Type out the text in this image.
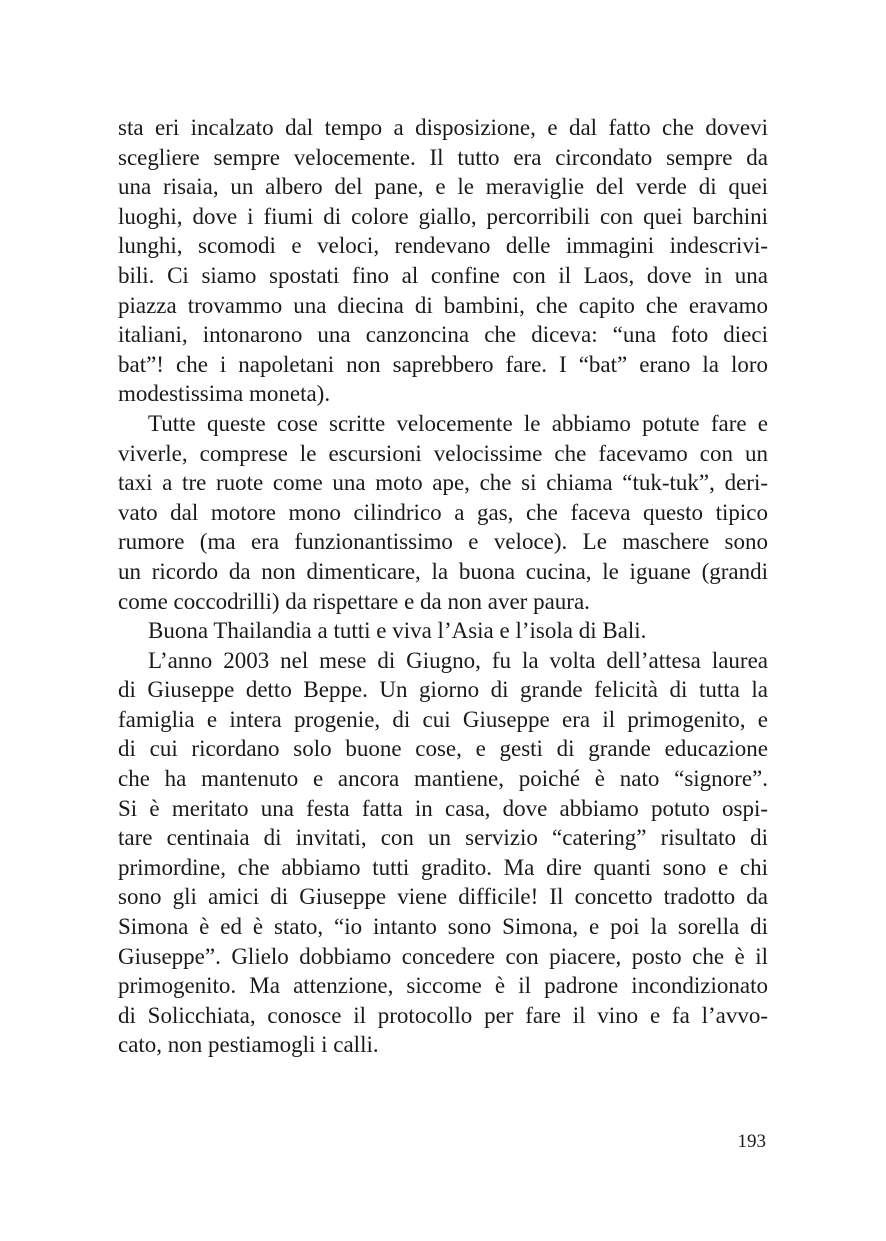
sta eri incalzato dal tempo a disposizione, e dal fatto che dovevi
scegliere sempre velocemente. Il tutto era circondato sempre da
una risaia, un albero del pane, e le meraviglie del verde di quei
luoghi, dove i fiumi di colore giallo, percorribili con quei barchini
lunghi, scomodi e veloci, rendevano delle immagini indescrivi-
bili. Ci siamo spostati fino al confine con il Laos, dove in una
piazza trovammo una diecina di bambini, che capito che eravamo
italiani, intonarono una canzoncina che diceva: “una foto dieci
bat”! che i napoletani non saprebbero fare. I “bat” erano la loro
modestissima moneta).
Tutte queste cose scritte velocemente le abbiamo potute fare e
viverle, comprese le escursioni velocissime che facevamo con un
taxi a tre ruote come una moto ape, che si chiama “tuk-tuk”, deri-
vato dal motore mono cilindrico a gas, che faceva questo tipico
rumore (ma era funzionantissimo e veloce). Le maschere sono
un ricordo da non dimenticare, la buona cucina, le iguane (grandi
come coccodrilli) da rispettare e da non aver paura.
Buona Thailandia a tutti e viva l’Asia e l’isola di Bali.
L’anno 2003 nel mese di Giugno, fu la volta dell’attesa laurea
di Giuseppe detto Beppe. Un giorno di grande felicità di tutta la
famiglia e intera progenie, di cui Giuseppe era il primogenito, e
di cui ricordano solo buone cose, e gesti di grande educazione
che ha mantenuto e ancora mantiene, poiché è nato “signore”.
Si è meritato una festa fatta in casa, dove abbiamo potuto ospi-
tare centinaia di invitati, con un servizio “catering” risultato di
primordine, che abbiamo tutti gradito. Ma dire quanti sono e chi
sono gli amici di Giuseppe viene difficile! Il concetto tradotto da
Simona è ed è stato, “io intanto sono Simona, e poi la sorella di
Giuseppe”. Glielo dobbiamo concedere con piacere, posto che è il
primogenito. Ma attenzione, siccome è il padrone incondizionato
di Solicchiata, conosce il protocollo per fare il vino e fa l’avvo-
cato, non pestiamogli i calli.
193
